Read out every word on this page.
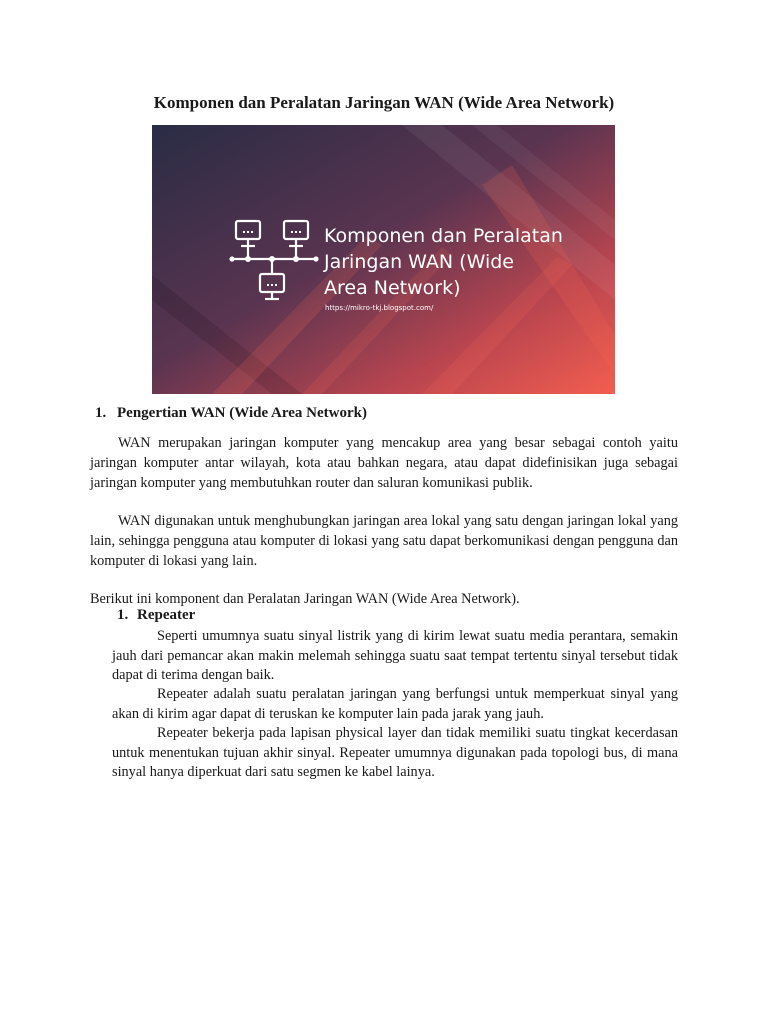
Komponen dan Peralatan Jaringan WAN (Wide Area Network)
Komponen dan Peralatan
Jaringan WAN (Wide
Area Network)
https://mikro-tkj.blogspot.com/
1. Pengertian WAN (Wide Area Network)

WAN merupakan jaringan komputer yang mencakup area yang besar sebagai contoh yaitu jaringan komputer antar wilayah, kota atau bahkan negara, atau dapat didefinisikan juga sebagai jaringan komputer yang membutuhkan router dan saluran komunikasi publik.

WAN digunakan untuk menghubungkan jaringan area lokal yang satu dengan jaringan lokal yang lain, sehingga pengguna atau komputer di lokasi yang satu dapat berkomunikasi dengan pengguna dan komputer di lokasi yang lain.

Berikut ini komponent dan Peralatan Jaringan WAN (Wide Area Network).
1. Repeater

Seperti umumnya suatu sinyal listrik yang di kirim lewat suatu media perantara, semakin jauh dari pemancar akan makin melemah sehingga suatu saat tempat tertentu sinyal tersebut tidak dapat di terima dengan baik.

Repeater adalah suatu peralatan jaringan yang berfungsi untuk memperkuat sinyal yang akan di kirim agar dapat di teruskan ke komputer lain pada jarak yang jauh.

Repeater bekerja pada lapisan physical layer dan tidak memiliki suatu tingkat kecerdasan untuk menentukan tujuan akhir sinyal. Repeater umumnya digunakan pada topologi bus, di mana sinyal hanya diperkuat dari satu segmen ke kabel lainya.
